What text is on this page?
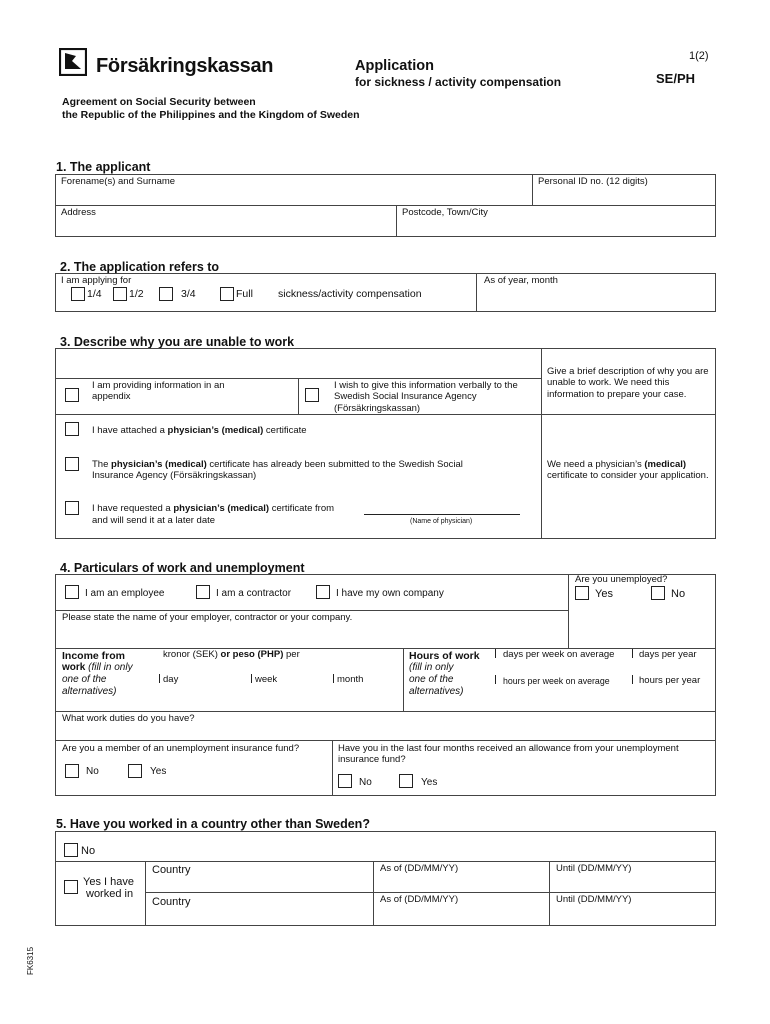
Försäkringskassan	Application
for sickness / activity compensation
1(2)
SE/PH
Agreement on Social Security between
the Republic of the Philippines and the Kingdom of Sweden
1. The applicant
Forename(s) and Surname	Personal ID no. (12 digits)
Address	Postcode, Town/City
2. The application refers to
I am applying for
1/4	1/2	3/4	Full sickness/activity compensation
As of year, month
3. Describe why you are unable to work
I am providing information in an appendix
I wish to give this information verbally to the Swedish Social Insurance Agency (Försäkringskassan)
Give a brief description of why you are unable to work. We need this information to prepare your case.
I have attached a physician’s (medical) certificate
The physician’s (medical) certificate has already been submitted to the Swedish Social Insurance Agency (Försäkringskassan)
We need a physician’s (medical) certificate to consider your application.
I have requested a physician’s (medical) certificate from
and will send it at a later date	(Name of physician)
4. Particulars of work and unemployment
I am an employee	I am a contractor	I have my own company
Are you unemployed?
Yes	No
Please state the name of your employer, contractor or your company.
Income from
work (fill in only
one of the
alternatives)
kronor (SEK) or peso (PHP) per
day	week	month
Hours of work
(fill in only
one of the
alternatives)
days per week on average	days per year
hours per week on average	hours per year
What work duties do you have?
Are you a member of an unemployment insurance fund?
No	Yes
Have you in the last four months received an allowance from your unemployment insurance fund?
No	Yes
5. Have you worked in a country other than Sweden?
No
Yes I have
worked in
Country	As of (DD/MM/YY)	Until (DD/MM/YY)
Country	As of (DD/MM/YY)	Until (DD/MM/YY)
FK6315
